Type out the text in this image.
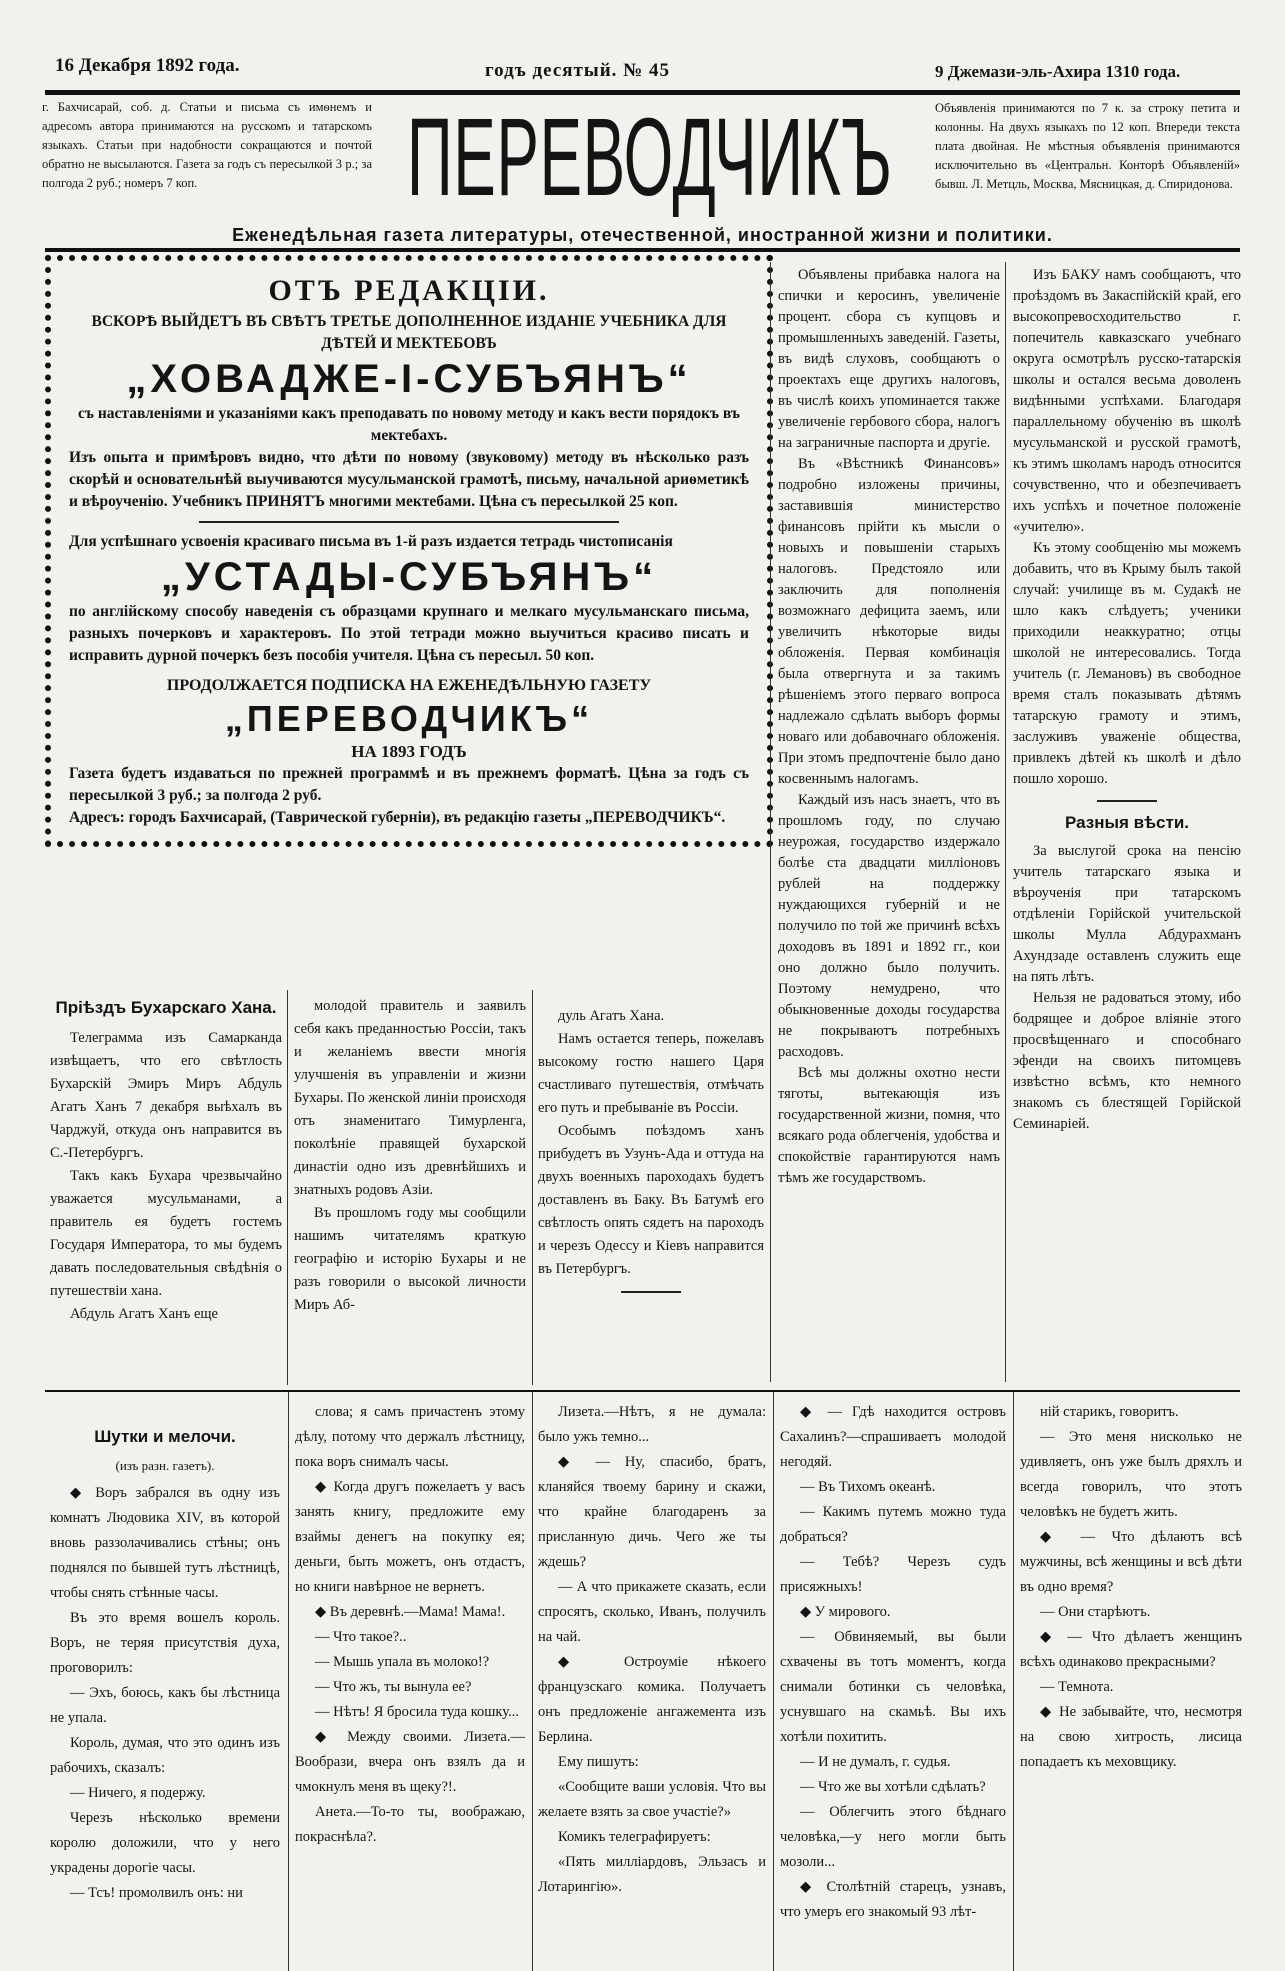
16 Декабря 1892 года.	годъ десятый. № 45	9 Джемази-эль-Ахира 1310 года.
г. Бахчисарай, соб. д. Статьи и письма съ имѳнемъ и адресомъ автора принимаются на русскомъ и татарскомъ языкахъ. Статьи при надобности сокращаются и почтой обратно не высылаются. Газета за годъ съ пересылкой 3 р.; за полгода 2 руб.; номеръ 7 коп.	ПЕРЕВОДЧИКЪ	Объявленія принимаются по 7 к. за строку петита и колонны. На двухъ языкахъ по 12 коп. Впереди текста плата двойная. Не мѣстныя объявленія принимаются исключительно въ «Центральн. Конторѣ Объявленій» бывш. Л. Метцль, Москва, Мясницкая, д. Спиридонова.
Еженедѣльная газета литературы, отечественной, иностранной жизни и политики.
ОТЪ РЕДАКЦІИ.

ВСКОРѢ ВЫЙДЕТЪ ВЪ СВѢТЪ ТРЕТЬЕ ДОПОЛНЕННОЕ ИЗДАНІЕ УЧЕБНИКА ДЛЯ ДѢТЕЙ И МЕКТЕБОВЪ

„ХОВАДЖЕ-І-СУБЪЯНЪ“

съ наставленіями и указаніями какъ преподавать по новому методу и какъ вести порядокъ въ мектебахъ.

Изъ опыта и примѣровъ видно, что дѣти по новому (звуковому) методу въ нѣсколько разъ скорѣй и основательнѣй выучиваются мусульманской грамотѣ, письму, начальной ариѳметикѣ и вѣроученію. Учебникъ ПРИНЯТЪ многими мектебами. Цѣна съ пересылкой 25 коп.

Для успѣшнаго усвоенія красиваго письма въ 1-й разъ издается тетрадь чистописанія

„УСТАДЫ-СУБЪЯНЪ“

по англійскому способу наведенія съ образцами крупнаго и мелкаго мусульманскаго письма, разныхъ почерковъ и характеровъ. По этой тетради можно выучиться красиво писать и исправить дурной почеркъ безъ пособія учителя. Цѣна съ пересыл. 50 коп.

ПРОДОЛЖАЕТСЯ ПОДПИСКА НА ЕЖЕНЕДѢЛЬНУЮ ГАЗЕТУ

„ПЕРЕВОДЧИКЪ“

НА 1893 ГОДЪ

Газета будетъ издаваться по прежней программѣ и въ прежнемъ форматѣ. Цѣна за годъ съ пересылкой 3 руб.; за полгода 2 руб.

Адресъ: городъ Бахчисарай, (Таврической губерніи), въ редакцію газеты „ПЕРЕВОДЧИКЪ“.

Объявлены прибавка налога на спички и керосинъ, увеличеніе процент. сбора съ купцовъ и промышленныхъ заведеній. Газеты, въ видѣ слуховъ, сообщаютъ о проектахъ еще другихъ налоговъ, въ числѣ коихъ упоминается также увеличеніе гербового сбора, налогъ на заграничные паспорта и другіе.

Въ «Вѣстникѣ Финансовъ» подробно изложены причины, заставившія министерство финансовъ прійти къ мысли о новыхъ и повышеніи старыхъ налоговъ. Предстояло или заключить для пополненія возможнаго дефицита заемъ, или увеличить нѣкоторые виды обложенія. Первая комбинація была отвергнута и за такимъ рѣшеніемъ этого перваго вопроса надлежало сдѣлать выборъ формы новаго или добавочнаго обложенія. При этомъ предпочтеніе было дано косвеннымъ налогамъ.

Каждый изъ насъ знаетъ, что въ прошломъ году, по случаю неурожая, государство издержало болѣе ста двадцати милліоновъ рублей на поддержку нуждающихся губерній и не получило по той же причинѣ всѣхъ доходовъ въ 1891 и 1892 гг., кои оно должно было получить. Поэтому немудрено, что обыкновенные доходы государства не покрываютъ потребныхъ расходовъ.

Всѣ мы должны охотно нести тяготы, вытекающія изъ государственной жизни, помня, что всякаго рода облегченія, удобства и спокойствіе гарантируются намъ тѣмъ же государствомъ.

Изъ БАКУ намъ сообщаютъ, что проѣздомъ въ Закаспійскій край, его высокопревосходительство г. попечитель кавказскаго учебнаго округа осмотрѣлъ русско-татарскія школы и остался весьма доволенъ видѣнными успѣхами. Благодаря параллельному обученію въ школѣ мусульманской и русской грамотѣ, къ этимъ школамъ народъ относится сочувственно, что и обезпечиваетъ ихъ успѣхъ и почетное положеніе «учителю».

Къ этому сообщенію мы можемъ добавить, что въ Крыму былъ такой случай: училище въ м. Судакѣ не шло какъ слѣдуетъ; ученики приходили неаккуратно; отцы школой не интересовались. Тогда учитель (г. Лемановъ) въ свободное время сталъ показывать дѣтямъ татарскую грамоту и этимъ, заслуживъ уваженіе общества, привлекъ дѣтей къ школѣ и дѣло пошло хорошо.

Разныя вѣсти.

За выслугой срока на пенсію учитель татарскаго языка и вѣроученія при татарскомъ отдѣленіи Горійской учительской школы Мулла Абдурахманъ Ахундзаде оставленъ служить еще на пять лѣтъ.

Нельзя не радоваться этому, ибо бодрящее и доброе вліяніе этого просвѣщеннаго и способнаго эфенди на своихъ питомцевъ извѣстно всѣмъ, кто немного знакомъ съ блестящей Горійской Семинаріей.

Пріѣздъ Бухарскаго Хана.

Телеграмма изъ Самарканда извѣщаетъ, что его свѣтлость Бухарскій Эмиръ Миръ Абдуль Агатъ Ханъ 7 декабря выѣхалъ въ Чарджуй, откуда онъ направится въ С.-Петербургъ.

Такъ какъ Бухара чрезвычайно уважается мусульманами, а правитель ея будетъ гостемъ Государя Императора, то мы будемъ давать последовательныя свѣдѣнія о путешествіи хана.

Абдуль Агатъ Ханъ еще

молодой правитель и заявилъ себя какъ преданностью Россіи, такъ и желаніемъ ввести многія улучшенія въ управленіи и жизни Бухары. По женской линіи происходя отъ знаменитаго Тимурленга, поколѣніе правящей бухарской династіи одно изъ древнѣйшихъ и знатныхъ родовъ Азіи.

Въ прошломъ году мы сообщили нашимъ читателямъ краткую географію и исторію Бухары и не разъ говорили о высокой личности Миръ Аб-

дуль Агатъ Хана.

Намъ остается теперь, пожелавъ высокому гостю нашего Царя счастливаго путешествія, отмѣчать его путь и пребываніе въ Россіи.

Особымъ поѣздомъ ханъ прибудетъ въ Узунъ-Ада и оттуда на двухъ военныхъ пароходахъ будетъ доставленъ въ Баку. Въ Батумѣ его свѣтлость опять сядетъ на пароходъ и черезъ Одессу и Кіевъ направится въ Петербургъ.

Шутки и мелочи.
(изъ разн. газетъ).

◆ Воръ забрался въ одну изъ комнатъ Людовика XIV, въ которой вновь раззолачивались стѣны; онъ поднялся по бывшей тутъ лѣстницѣ, чтобы снять стѣнные часы.

Въ это время вошелъ король. Воръ, не теряя присутствія духа, проговорилъ:

— Эхъ, боюсь, какъ бы лѣстница не упала.

Король, думая, что это одинъ изъ рабочихъ, сказалъ:

— Ничего, я подержу.

Черезъ нѣсколько времени королю доложили, что у него украдены дорогіе часы.

— Тсъ! промолвилъ онъ: ни

слова; я самъ причастенъ этому дѣлу, потому что держалъ лѣстницу, пока воръ снималъ часы.

◆ Когда другъ пожелаетъ у васъ занять книгу, предложите ему взаймы денегъ на покупку ея; деньги, быть можетъ, онъ отдастъ, но книги навѣрное не вернетъ.

◆ Въ деревнѣ.—Мама! Мама!.

— Что такое?..

— Мышь упала въ молоко!?

— Что жъ, ты вынула ее?

— Нѣтъ! Я бросила туда кошку...

◆ Между своими. Лизета.—Вообрази, вчера онъ взялъ да и чмокнулъ меня въ щеку?!.

Анета.—То-то ты, воображаю, покраснѣла?.

Лизета.—Нѣтъ, я не думала: было ужъ темно...

◆ — Ну, спасибо, братъ, кланяйся твоему барину и скажи, что крайне благодаренъ за присланную дичь. Чего же ты ждешь?

— А что прикажете сказать, если спросятъ, сколько, Иванъ, получилъ на чай.

◆ Остроуміе нѣкоего французскаго комика. Получаетъ онъ предложеніе ангажемента изъ Берлина.

Ему пишутъ:

«Сообщите ваши условія. Что вы желаете взять за свое участіе?»

Комикъ телеграфируетъ:

«Пять милліардовъ, Эльзасъ и Лотарингію».

◆ — Гдѣ находится островъ Сахалинъ?—спрашиваетъ молодой негодяй.

— Въ Тихомъ океанѣ.

— Какимъ путемъ можно туда добраться?

— Тебѣ? Черезъ судъ присяжныхъ!

◆ У мирового.

— Обвиняемый, вы были схвачены въ тотъ моментъ, когда снимали ботинки съ человѣка, уснувшаго на скамьѣ. Вы ихъ хотѣли похитить.

— И не думалъ, г. судья.

— Что же вы хотѣли сдѣлать?

— Облегчить этого бѣднаго человѣка,—у него могли быть мозоли...

◆ Столѣтній старецъ, узнавъ, что умеръ его знакомый 93 лѣт-

ній старикъ, говоритъ.

— Это меня нисколько не удивляетъ, онъ уже былъ дряхлъ и всегда говорилъ, что этотъ человѣкъ не будетъ жить.

◆ — Что дѣлаютъ всѣ мужчины, всѣ женщины и всѣ дѣти въ одно время?

— Они старѣютъ.

◆ — Что дѣлаетъ женщинъ всѣхъ одинаково прекрасными?

— Темнота.

◆ Не забывайте, что, несмотря на свою хитрость, лисица попадаетъ къ меховщику.
